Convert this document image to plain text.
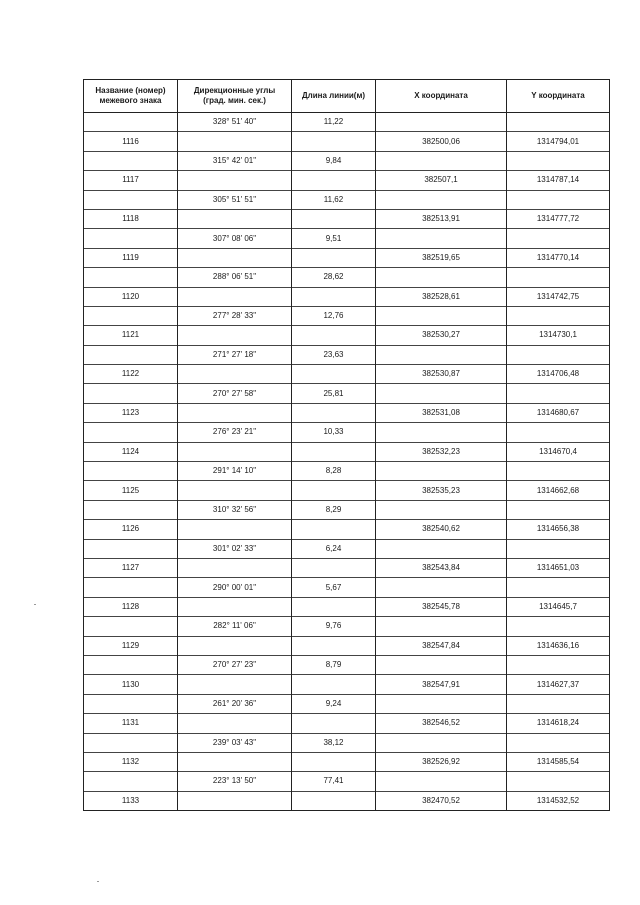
Название (номер)
межевого знака	Дирекционные углы
(град. мин. сек.)	Длина линии(м)	X координата	Y координата
	328° 51' 40"	11,22		
1116			382500,06	1314794,01
	315° 42' 01"	9,84		
1117			382507,1	1314787,14
	305° 51' 51"	11,62		
1118			382513,91	1314777,72
	307° 08' 06"	9,51		
1119			382519,65	1314770,14
	288° 06' 51"	28,62		
1120			382528,61	1314742,75
	277° 28' 33"	12,76		
1121			382530,27	1314730,1
	271° 27' 18"	23,63		
1122			382530,87	1314706,48
	270° 27' 58"	25,81		
1123			382531,08	1314680,67
	276° 23' 21"	10,33		
1124			382532,23	1314670,4
	291° 14' 10"	8,28		
1125			382535,23	1314662,68
	310° 32' 56"	8,29		
1126			382540,62	1314656,38
	301° 02' 33"	6,24		
1127			382543,84	1314651,03
	290° 00' 01"	5,67		
1128			382545,78	1314645,7
	282° 11' 06"	9,76		
1129			382547,84	1314636,16
	270° 27' 23"	8,79		
1130			382547,91	1314627,37
	261° 20' 36"	9,24		
1131			382546,52	1314618,24
	239° 03' 43"	38,12		
1132			382526,92	1314585,54
	223° 13' 50"	77,41		
1133			382470,52	1314532,52
